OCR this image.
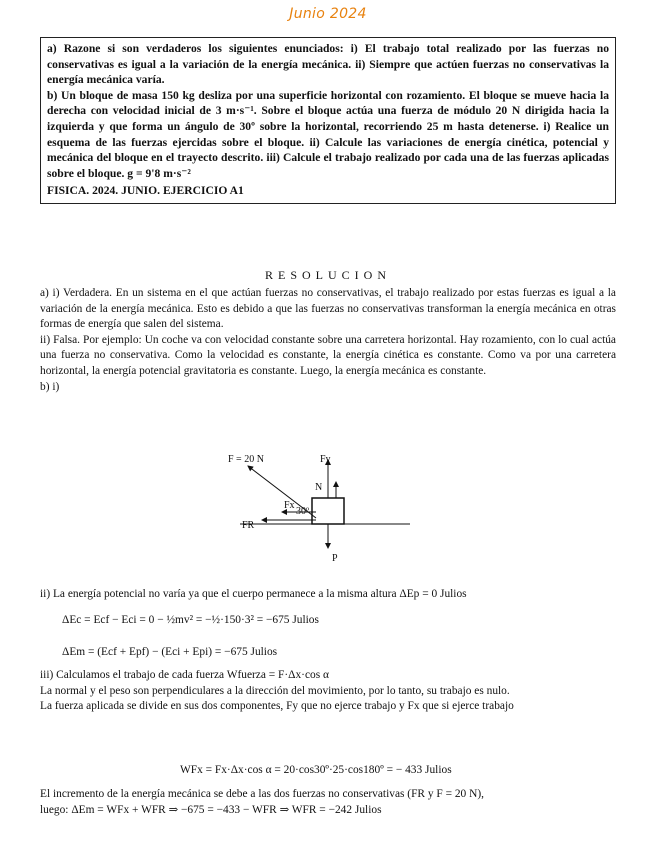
Junio 2024

a) Razone si son verdaderos los siguientes enunciados: i) El trabajo total realizado por las fuerzas no conservativas es igual a la variación de la energía mecánica. ii) Siempre que actúen fuerzas no conservativas la energía mecánica varía.

b) Un bloque de masa 150 kg desliza por una superficie horizontal con rozamiento. El bloque se mueve hacia la derecha con velocidad inicial de 3 m·s⁻¹. Sobre el bloque actúa una fuerza de módulo 20 N dirigida hacia la izquierda y que forma un ángulo de 30º sobre la horizontal, recorriendo 25 m hasta detenerse. i) Realice un esquema de las fuerzas ejercidas sobre el bloque. ii) Calcule las variaciones de energía cinética, potencial y mecánica del bloque en el trayecto descrito. iii) Calcule el trabajo realizado por cada una de las fuerzas aplicadas sobre el bloque. g = 9'8 m·s⁻²

FISICA. 2024. JUNIO. EJERCICIO A1

RESOLUCION

a) i) Verdadera. En un sistema en el que actúan fuerzas no conservativas, el trabajo realizado por estas fuerzas es igual a la variación de la energía mecánica. Esto es debido a que las fuerzas no conservativas transforman la energía mecánica en otras formas de energía que salen del sistema.

ii) Falsa. Por ejemplo: Un coche va con velocidad constante sobre una carretera horizontal. Hay rozamiento, con lo cual actúa una fuerza no conservativa. Como la velocidad es constante, la energía cinética es constante. Como va por una carretera horizontal, la energía potencial gravitatoria es constante. Luego, la energía mecánica es constante.

b) i)

F = 20 N	Fy
N
Fx
30º
FR
P
ii) La energía potencial no varía ya que el cuerpo permanece a la misma altura ΔEp = 0 Julios
ΔEc = Ecf − Eci = 0 − ½mv² = −½·150·3² = −675 Julios
ΔEm = (Ecf + Epf) − (Eci + Epi) = −675 Julios

iii) Calculamos el trabajo de cada fuerza Wfuerza = F·Δx·cos α

La normal y el peso son perpendiculares a la dirección del movimiento, por lo tanto, su trabajo es nulo.

La fuerza aplicada se divide en sus dos componentes, Fy que no ejerce trabajo y Fx que si ejerce trabajo

WFx = Fx·Δx·cos α = 20·cos30º·25·cos180º = − 433 Julios

El incremento de la energía mecánica se debe a las dos fuerzas no conservativas (FR y F = 20 N),

luego: ΔEm = WFx + WFR ⇒ −675 = −433 − WFR ⇒ WFR = −242 Julios
